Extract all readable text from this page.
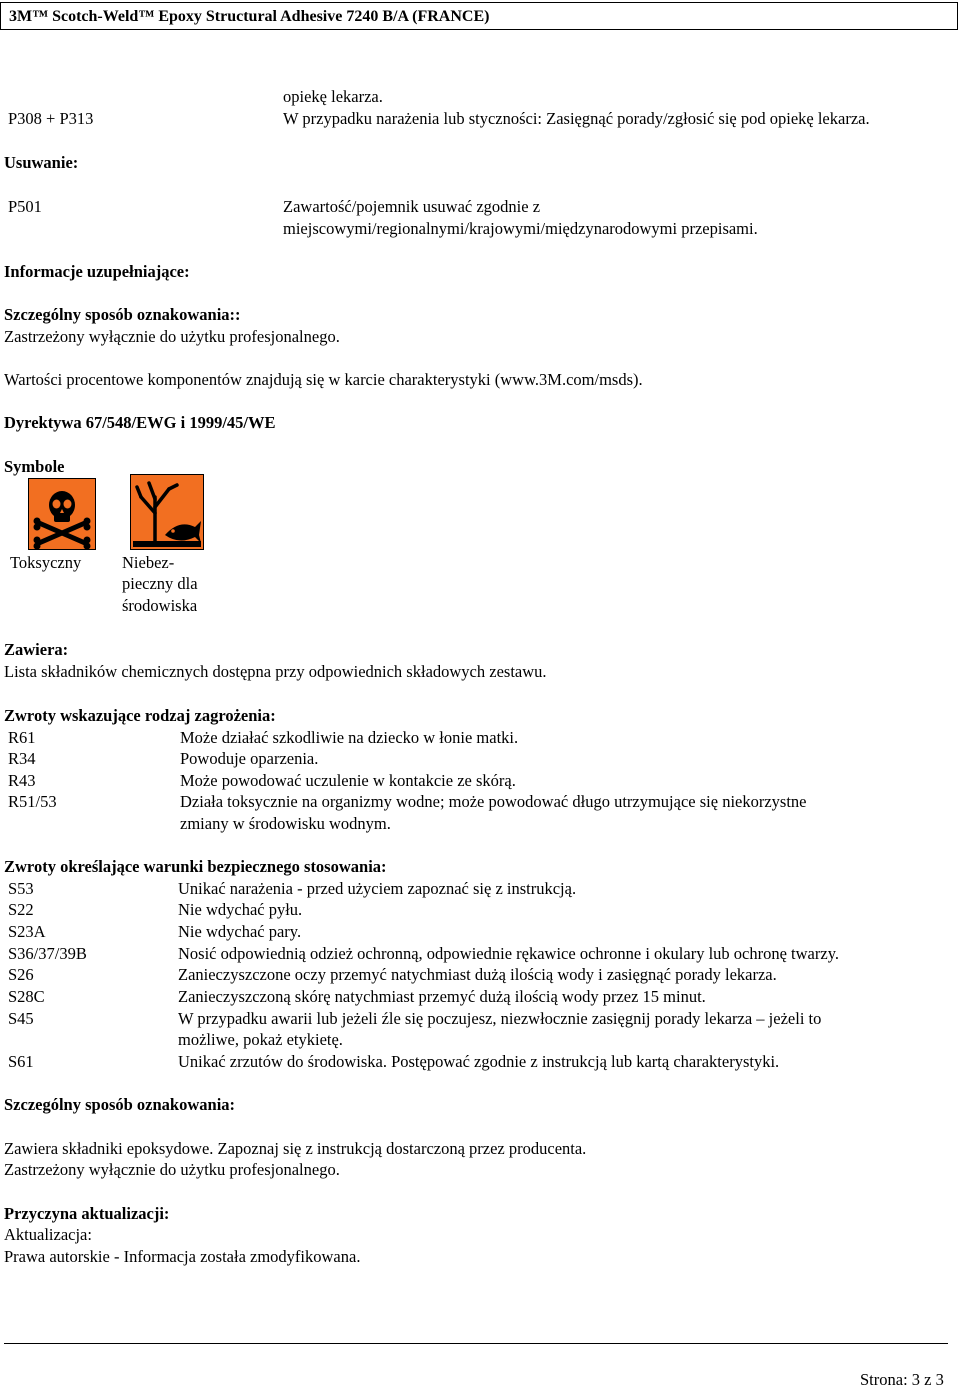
3M™ Scotch-Weld™ Epoxy Structural Adhesive 7240 B/A (FRANCE)
opiekę lekarza.
P308 + P313	W przypadku narażenia lub styczności: Zasięgnąć porady/zgłosić się pod opiekę lekarza.
Usuwanie:
P501	Zawartość/pojemnik usuwać zgodnie z
miejscowymi/regionalnymi/krajowymi/międzynarodowymi przepisami.
Informacje uzupełniające:
Szczególny sposób oznakowania::
Zastrzeżony wyłącznie do użytku profesjonalnego.
Wartości procentowe komponentów znajdują się w karcie charakterystyki (www.3M.com/msds).
Dyrektywa 67/548/EWG i 1999/45/WE
Symbole
Toksyczny Niebez-
pieczny dla
środowiska
Zawiera:
Lista składników chemicznych dostępna przy odpowiednich składowych zestawu.
Zwroty wskazujące rodzaj zagrożenia:
R61	Może działać szkodliwie na dziecko w łonie matki.
R34	Powoduje oparzenia.
R43	Może powodować uczulenie w kontakcie ze skórą.
R51/53	Działa toksycznie na organizmy wodne; może powodować długo utrzymujące się niekorzystne
zmiany w środowisku wodnym.
Zwroty określające warunki bezpiecznego stosowania:
S53	Unikać narażenia - przed użyciem zapoznać się z instrukcją.
S22	Nie wdychać pyłu.
S23A	Nie wdychać pary.
S36/37/39B	Nosić odpowiednią odzież ochronną, odpowiednie rękawice ochronne i okulary lub ochronę twarzy.
S26	Zanieczyszczone oczy przemyć natychmiast dużą ilością wody i zasięgnąć porady lekarza.
S28C	Zanieczyszczoną skórę natychmiast przemyć dużą ilością wody przez 15 minut.
S45	W przypadku awarii lub jeżeli źle się poczujesz, niezwłocznie zasięgnij porady lekarza – jeżeli to
możliwe, pokaż etykietę.
S61	Unikać zrzutów do środowiska. Postępować zgodnie z instrukcją lub kartą charakterystyki.
Szczególny sposób oznakowania:
Zawiera składniki epoksydowe. Zapoznaj się z instrukcją dostarczoną przez producenta.
Zastrzeżony wyłącznie do użytku profesjonalnego.
Przyczyna aktualizacji:
Aktualizacja:
Prawa autorskie - Informacja została zmodyfikowana.
Strona: 3 z 3
